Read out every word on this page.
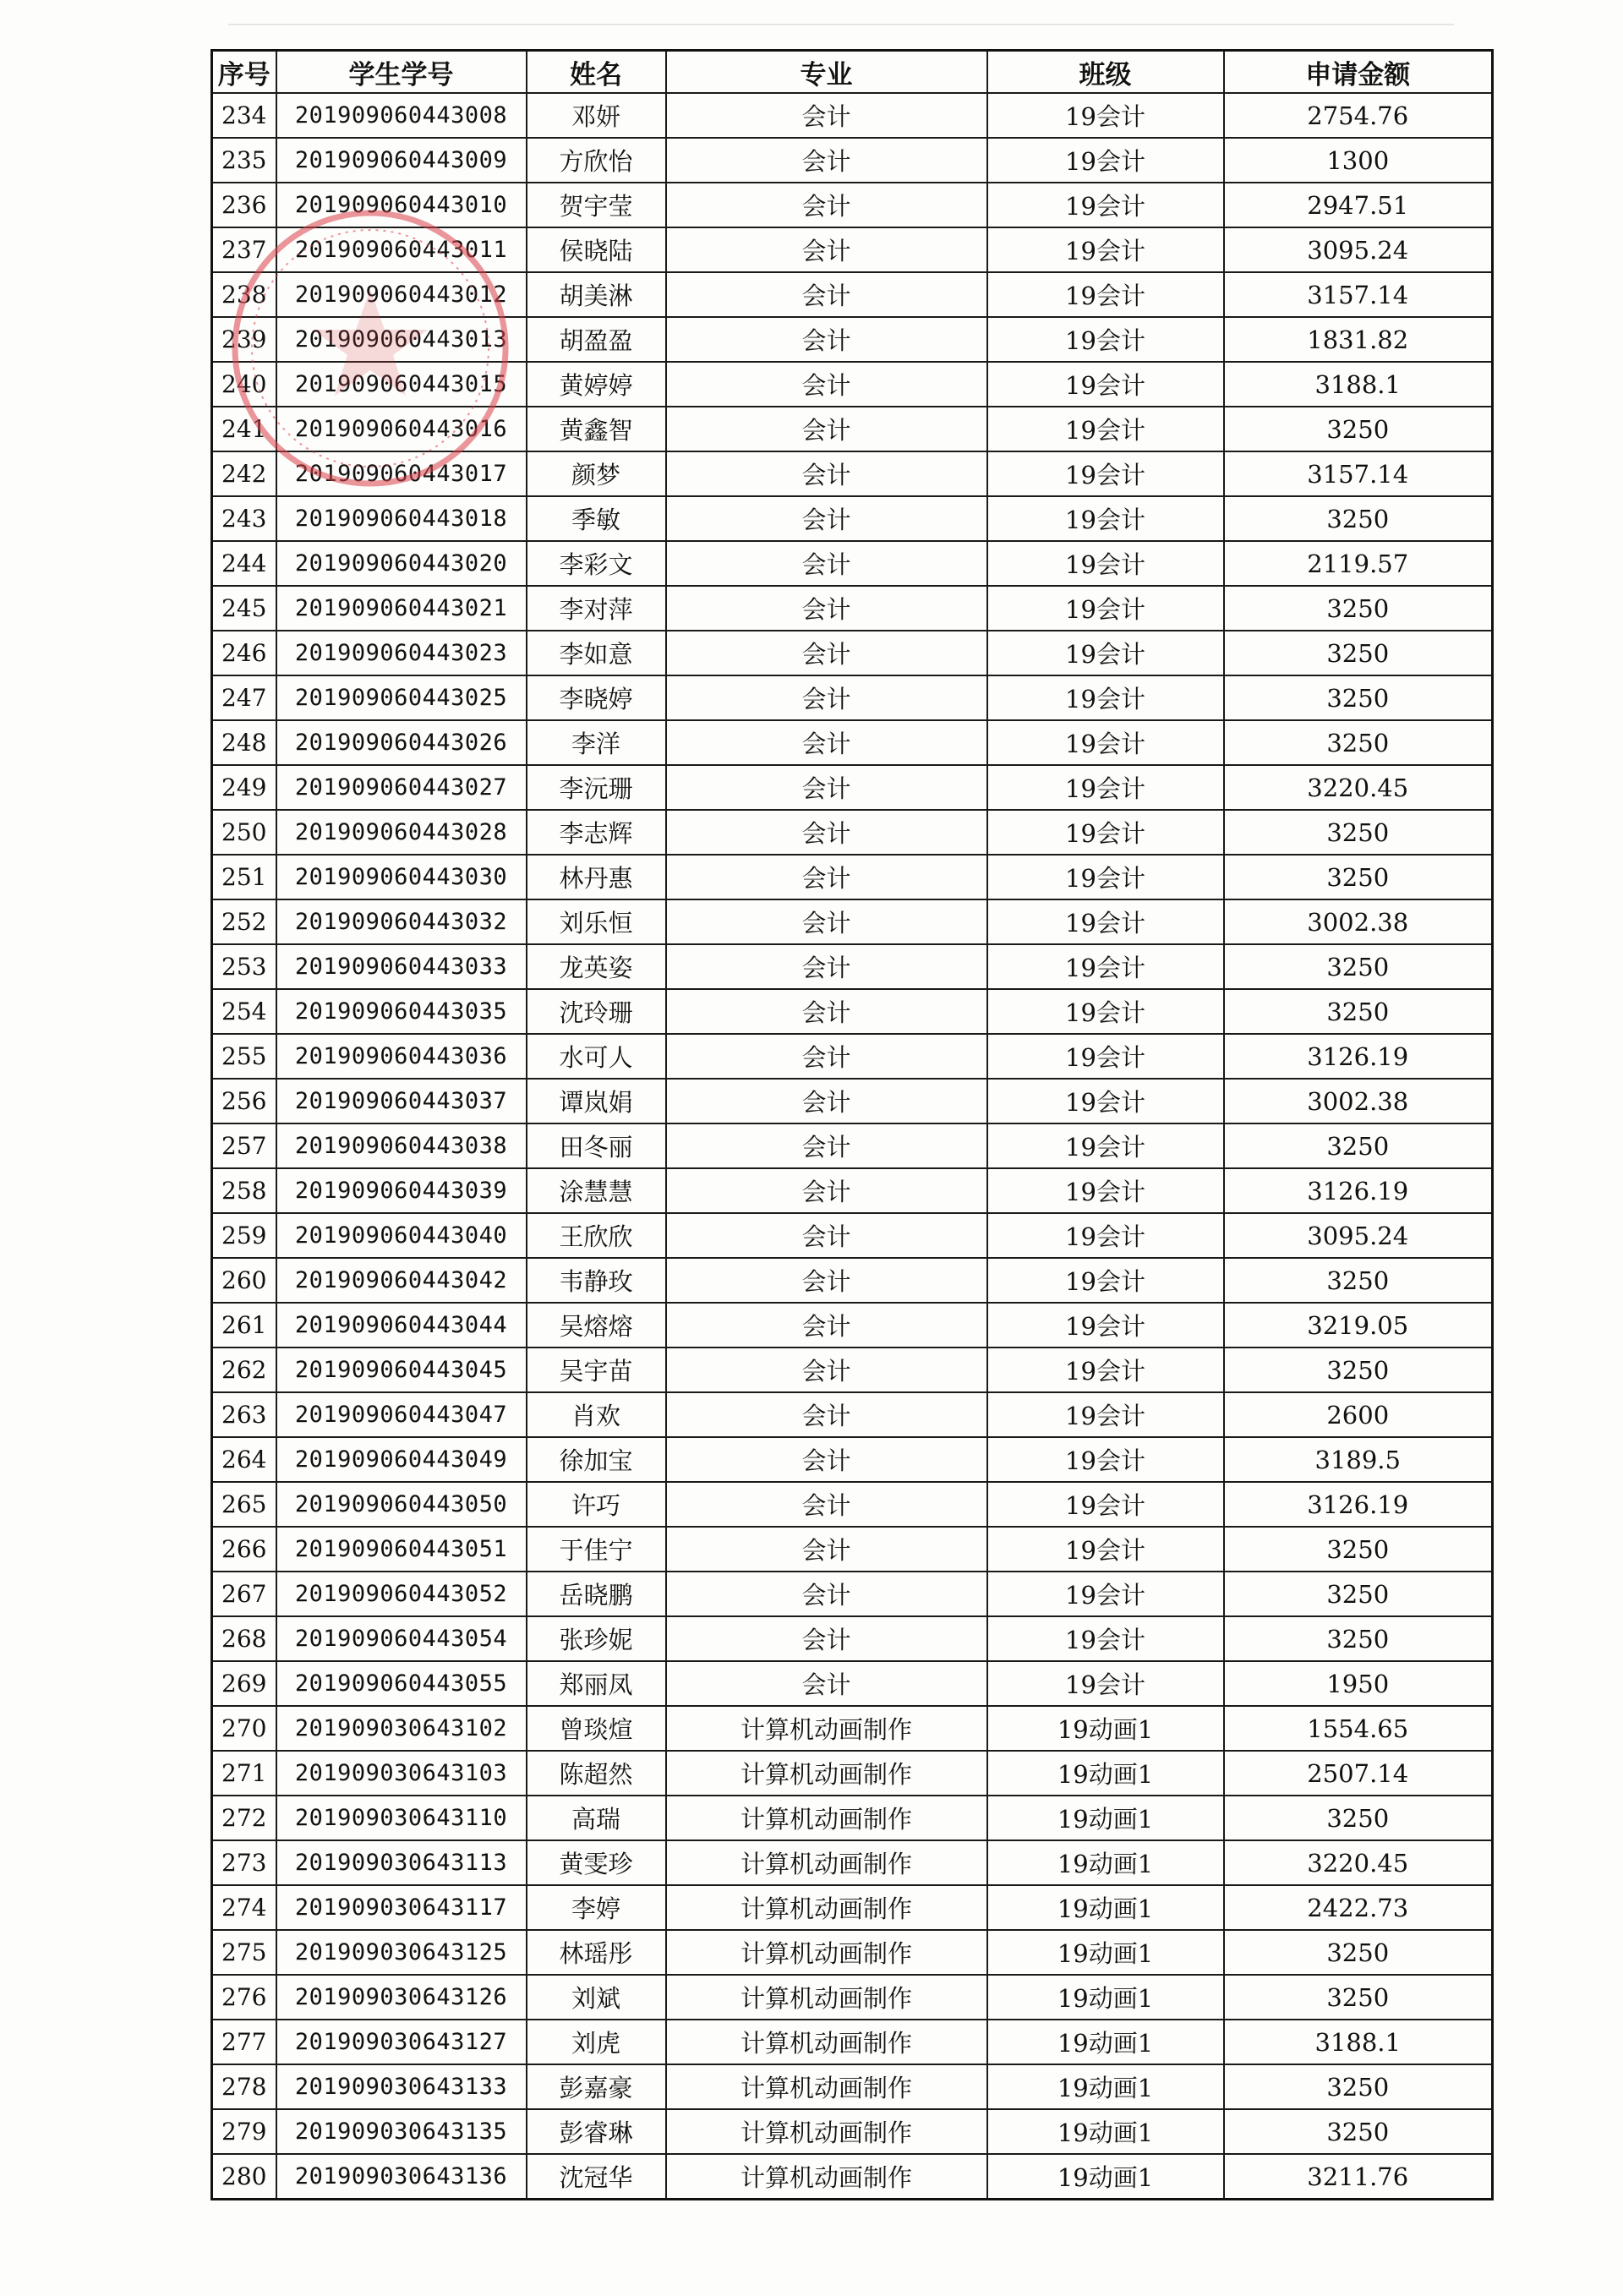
序号	学生学号	姓名	专业	班级	申请金额
234	201909060443008	邓妍	会计	19会计	2754.76
235	201909060443009	方欣怡	会计	19会计	1300
236	201909060443010	贺宇莹	会计	19会计	2947.51
237	201909060443011	侯晓陆	会计	19会计	3095.24
238	201909060443012	胡美淋	会计	19会计	3157.14
239	201909060443013	胡盈盈	会计	19会计	1831.82
240	201909060443015	黄婷婷	会计	19会计	3188.1
241	201909060443016	黄鑫智	会计	19会计	3250
242	201909060443017	颜梦	会计	19会计	3157.14
243	201909060443018	季敏	会计	19会计	3250
244	201909060443020	李彩文	会计	19会计	2119.57
245	201909060443021	李对萍	会计	19会计	3250
246	201909060443023	李如意	会计	19会计	3250
247	201909060443025	李晓婷	会计	19会计	3250
248	201909060443026	李洋	会计	19会计	3250
249	201909060443027	李沅珊	会计	19会计	3220.45
250	201909060443028	李志辉	会计	19会计	3250
251	201909060443030	林丹惠	会计	19会计	3250
252	201909060443032	刘乐恒	会计	19会计	3002.38
253	201909060443033	龙英姿	会计	19会计	3250
254	201909060443035	沈玲珊	会计	19会计	3250
255	201909060443036	水可人	会计	19会计	3126.19
256	201909060443037	谭岚娟	会计	19会计	3002.38
257	201909060443038	田冬丽	会计	19会计	3250
258	201909060443039	涂慧慧	会计	19会计	3126.19
259	201909060443040	王欣欣	会计	19会计	3095.24
260	201909060443042	韦静玫	会计	19会计	3250
261	201909060443044	吴熔熔	会计	19会计	3219.05
262	201909060443045	吴宇苗	会计	19会计	3250
263	201909060443047	肖欢	会计	19会计	2600
264	201909060443049	徐加宝	会计	19会计	3189.5
265	201909060443050	许巧	会计	19会计	3126.19
266	201909060443051	于佳宁	会计	19会计	3250
267	201909060443052	岳晓鹏	会计	19会计	3250
268	201909060443054	张珍妮	会计	19会计	3250
269	201909060443055	郑丽凤	会计	19会计	1950
270	201909030643102	曾琰煊	计算机动画制作	19动画1	1554.65
271	201909030643103	陈超然	计算机动画制作	19动画1	2507.14
272	201909030643110	高瑞	计算机动画制作	19动画1	3250
273	201909030643113	黄雯珍	计算机动画制作	19动画1	3220.45
274	201909030643117	李婷	计算机动画制作	19动画1	2422.73
275	201909030643125	林瑶彤	计算机动画制作	19动画1	3250
276	201909030643126	刘斌	计算机动画制作	19动画1	3250
277	201909030643127	刘虎	计算机动画制作	19动画1	3188.1
278	201909030643133	彭嘉豪	计算机动画制作	19动画1	3250
279	201909030643135	彭睿琳	计算机动画制作	19动画1	3250
280	201909030643136	沈冠华	计算机动画制作	19动画1	3211.76
